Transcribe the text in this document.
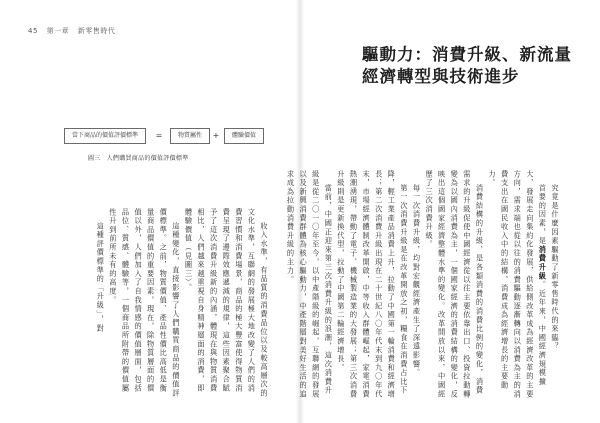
45 第一章 新零售時代
當下商品的價值評價標準	=	物質屬性	+	體驗價值
圖三 人們購買商品的價值評價標準

收入水準，有品質的消費品位以及較高層次的文化水準，互聯網的發展極大地改變了人們的消費習慣和消費場景，商品的極大豐富使得物質消費呈現了邊際效應遞減的規律，這些因素聚合賦予了這次消費升級新的內涵，體現在與物質消費相比，人們越來越重視自身精神層面的消費，即體驗價值（見圖三）。

這種變化，直接影響了人們購買商品的價值評價標準。之前，物質價值、產品性價比高低是衡量商品價值的重要因素，現在，除物質層面的價值以外，人們加入了自我情感的價值層面，包括品位、質感、體驗等，一個商品所附帶的價值屬性升到前所未有的高度。

這種評價標準的「升級」，對

驅動力：消費升級、新流量
經濟轉型與技術進步

究竟是什麼因素驅動了新零售時代的來臨？

首要的因素，是消費升級。近年來，中國經濟規模擴大，發展走向集約化發展，供給側改革成為經濟改革的主要方向，需求端也從以往的消費驅動逐漸轉向以消費為主的消費支出在國民收入中的結構，消費成為經濟增長的主要動力。

消費結構的升級，是各類消費的消費比例的變化，消費需求的升級促使中國經濟從以往主要依靠出口、投資拉動轉變為以國內消費為主，一個國家經濟的消費結構的變化，反映出這個國家經濟整體水準的變化。改革開放以來，中國經歷了三次消費升級。

每一次消費升級，均對宏觀經濟產生了深遠影響。

第一次消費升級是在改革開放之初，糧食在消費占比下降，輕工業產品消費上升，拉動了中國第一輪消費和經濟增長；第二次消費升級出現在二十世紀八〇年代末到九〇年代末，市場經濟體制改革開啟，中等收入群體崛起，家電消費熱潮湧現，帶動了電子、機械製造業的大發展；第三次消費升級則是更新換代型，拉動了中國第二輪經濟增長。

當前，中國正迎來第三次消費升級的浪潮，這次消費升級是從二〇一〇年至今，以中產階級的崛起，互聯網的發展以及新興消費群體為核心驅動力，中產階層對美好生活的追求成為拉動消費升級的主力。
